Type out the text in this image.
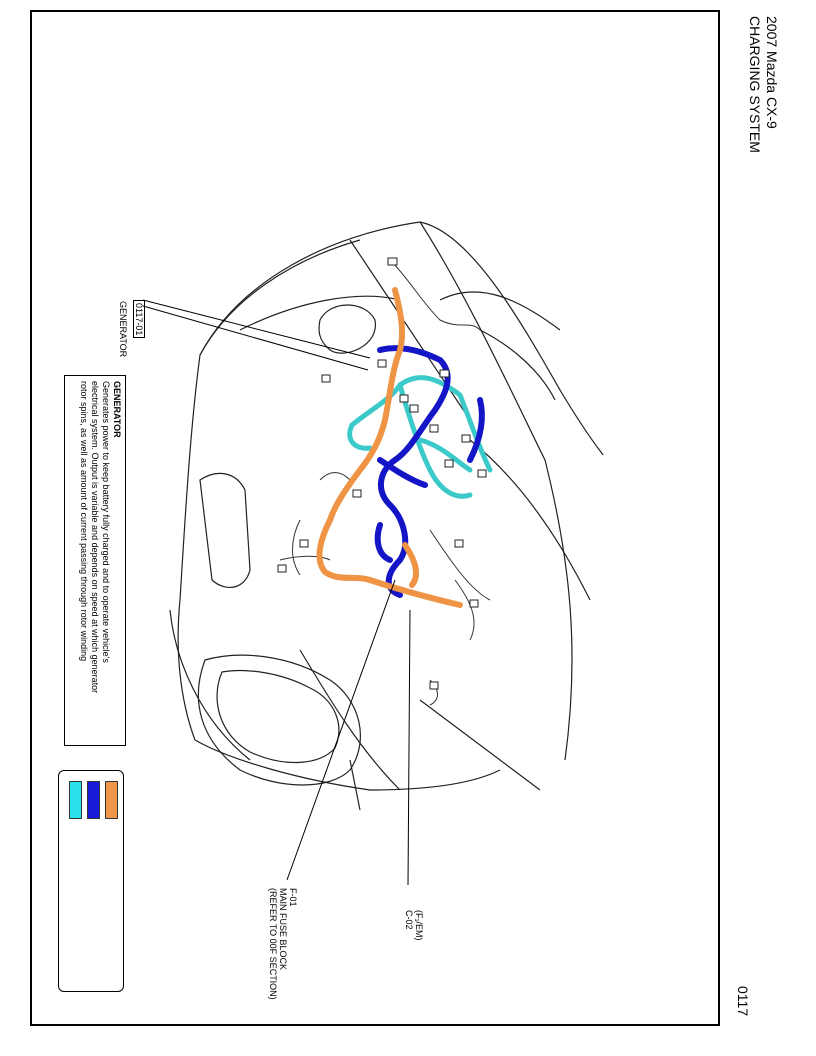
2007 Mazda CX-9
CHARGING SYSTEM
0117
0117-01
GENERATOR
(F₁/EM)
C-02
F-01
MAIN FUSE BLOCK
(REFER TO 00F SECTION)
GENERATOR
Generates power to keep battery fully charged and to operate vehicle's
electrical system. Output is variable and depends on speed at which generator
rotor spins, as well as amount of current passing through rotor winding
